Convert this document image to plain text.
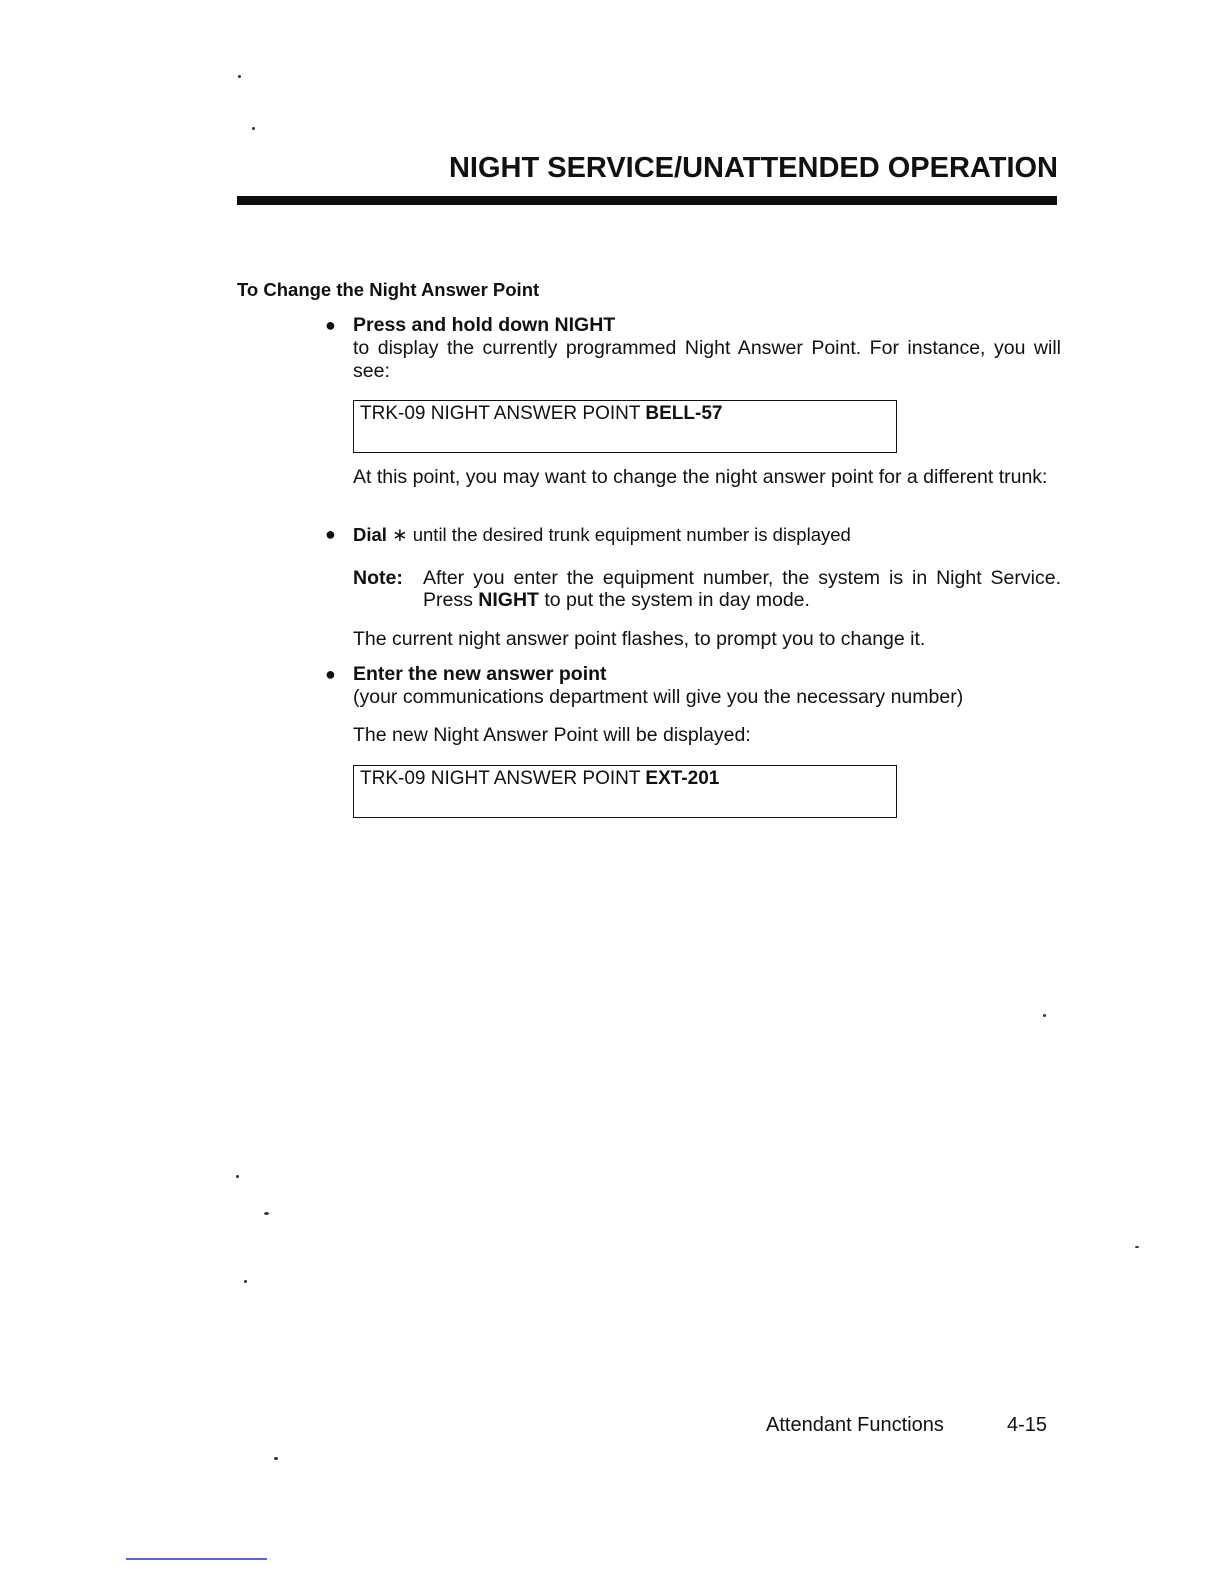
NIGHT SERVICE/UNATTENDED OPERATION
To Change the Night Answer Point
● Press and hold down NIGHT
to display the currently programmed Night Answer Point. For instance, you will see:
TRK-09 NIGHT ANSWER POINT BELL-57
At this point, you may want to change the night answer point for a different trunk:
● Dial ∗ until the desired trunk equipment number is displayed
Note: After you enter the equipment number, the system is in Night Service. Press NIGHT to put the system in day mode.
The current night answer point flashes, to prompt you to change it.
● Enter the new answer point
(your communications department will give you the necessary number)
The new Night Answer Point will be displayed:
TRK-09 NIGHT ANSWER POINT EXT-201
Attendant Functions	4-15
